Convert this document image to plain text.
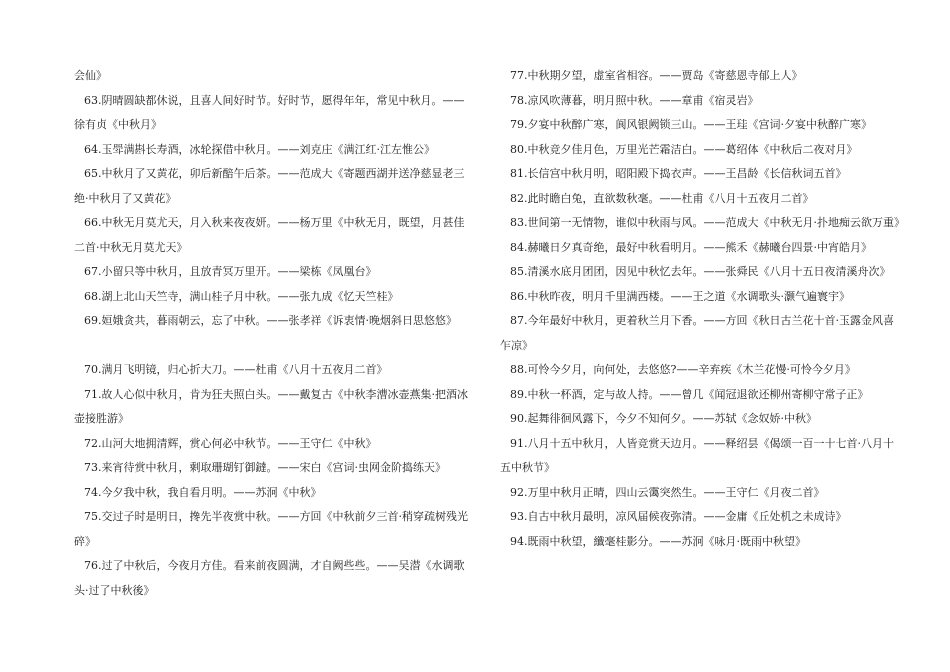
会仙》

63.阴晴圆缺都休说，且喜人间好时节。好时节，愿得年年，常见中秋月。——徐有贞《中秋月》

64.玉斝满斟长寿酒，冰轮探借中秋月。——刘克庄《满江红·江左惟公》

65.中秋月了又黄花，卯后新醅午后茶。——范成大《寄题西湖并送净慈显老三绝·中秋月了又黄花》

66.中秋无月莫尤天，月入秋来夜夜妍。——杨万里《中秋无月，既望，月甚佳二首·中秋无月莫尤天》

67.小留只等中秋月，且放青冥万里开。——梁栋《凤凰台》

68.湖上北山天竺寺，满山桂子月中秋。——张九成《忆天竺桂》

69.姮娥贪共，暮雨朝云，忘了中秋。——张孝祥《诉衷情·晚烟斜日思悠悠》

70.满月飞明镜，归心折大刀。——杜甫《八月十五夜月二首》

71.故人心似中秋月，肯为狂夫照白头。——戴复古《中秋李漕冰壶燕集·把酒冰壶接胜游》

72.山河大地拥清辉，赏心何必中秋节。——王守仁《中秋》

73.来宵待赏中秋月，剩取珊瑚钉御鐽。——宋白《宫词·虫网金阶捣练天》

74.今夕我中秋，我自看月明。——苏泂《中秋》

75.交过子时是明日，搀先半夜赏中秋。——方回《中秋前夕三首·稍穿疏树残光碎》

76.过了中秋后，今夜月方佳。看来前夜圆满，才自阙些些。——吴潜《水调歌头·过了中秋後》

77.中秋期夕望，虚室省相容。——贾岛《寄慈恩寺郁上人》

78.凉风吹薄暮，明月照中秋。——章甫《宿灵岩》

79.夕宴中秋醉广寒，阆风银阙锁三山。——王珪《宫词·夕宴中秋醉广寒》

80.中秋竞夕佳月色，万里光芒霜洁白。——葛绍体《中秋后二夜对月》

81.长信宫中秋月明，昭阳殿下捣衣声。——王昌龄《长信秋词五首》

82.此时瞻白兔，直欲数秋毫。——杜甫《八月十五夜月二首》

83.世间第一无情物，谁似中秋雨与风。——范成大《中秋无月·扑地痴云欲万重》

84.赫曦日夕真奇绝，最好中秋看明月。——熊禾《赫曦台四景·中宵皓月》

85.清溪水底月团团，因见中秋忆去年。——张舜民《八月十五日夜清溪舟次》

86.中秋昨夜，明月千里满西楼。——王之道《水调歌头·灏气遍寰宇》

87.今年最好中秋月，更着秋兰月下香。——方回《秋日古兰花十首·玉露金风喜乍凉》

88.可怜今夕月，向何处，去悠悠?——辛弃疾《木兰花慢·可怜今夕月》

89.中秋一杯酒，定与故人持。——曾几《闻冠退欲还柳州寄柳守常子正》

90.起舞徘徊风露下，今夕不知何夕。——苏轼《念奴娇·中秋》

91.八月十五中秋月，人皆竞赏天边月。——释绍昙《偈颂一百一十七首·八月十五中秋节》

92.万里中秋月正晴，四山云霭突然生。——王守仁《月夜二首》

93.自古中秋月最明，凉风届候夜弥清。——金庸《丘处机之未成诗》

94.既雨中秋望，纖毫桂影分。——苏泂《咏月·既雨中秋望》
